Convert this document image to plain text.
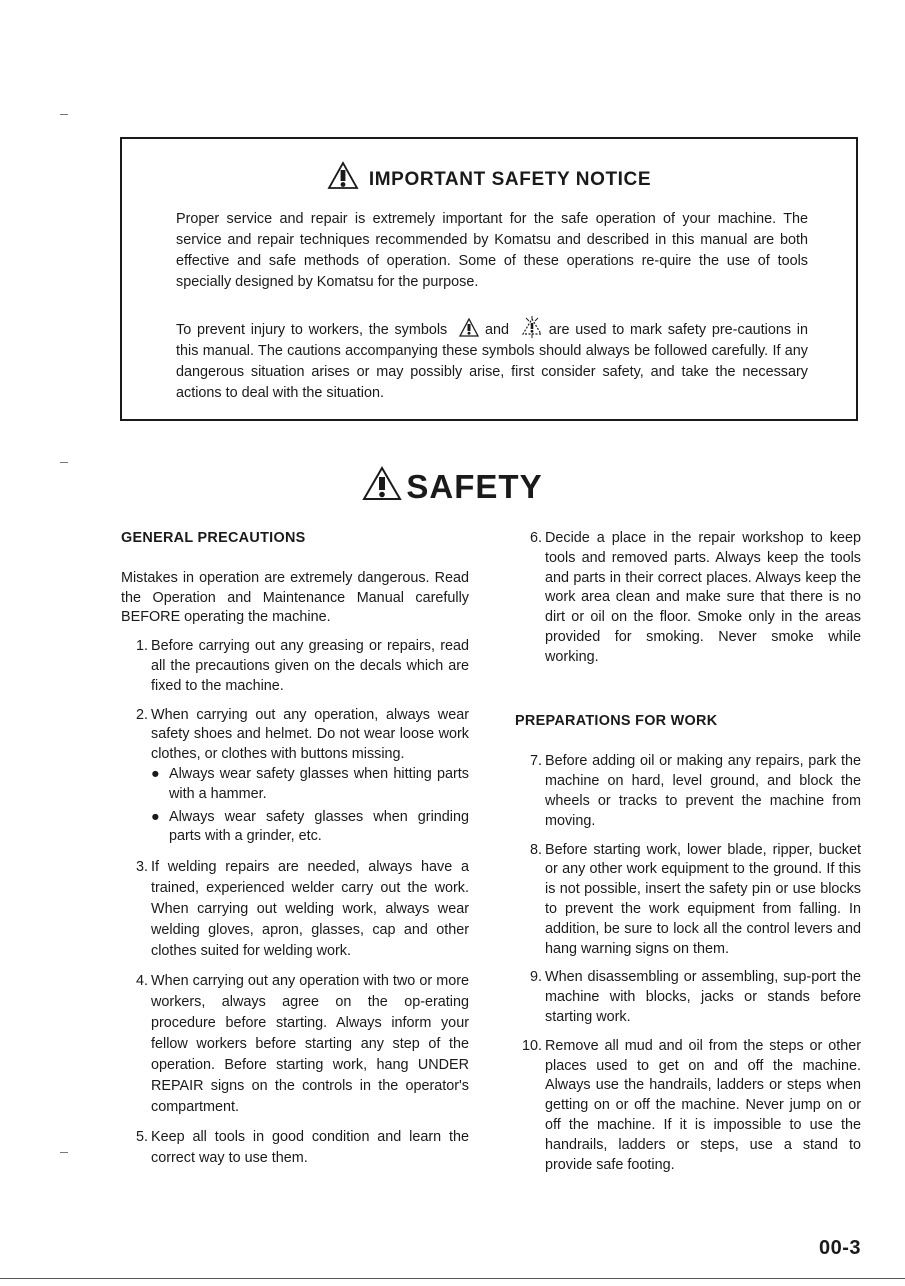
IMPORTANT SAFETY NOTICE

Proper service and repair is extremely important for the safe operation of your machine. The service and repair techniques recommended by Komatsu and described in this manual are both effective and safe methods of operation. Some of these operations re-quire the use of tools specially designed by Komatsu for the purpose.

To prevent injury to workers, the symbols	and	are used to mark safety pre-cautions in this manual. The cautions accompanying these symbols should always be followed carefully. If any dangerous situation arises or may possibly arise, first consider safety, and take the necessary actions to deal with the situation.

SAFETY
GENERAL PRECAUTIONS

Mistakes in operation are extremely dangerous. Read the Operation and Maintenance Manual carefully BEFORE operating the machine.

1. Before carrying out any greasing or repairs, read all the precautions given on the decals which are fixed to the machine.
2. When carrying out any operation, always wear safety shoes and helmet. Do not wear loose work clothes, or clothes with buttons missing.
● Always wear safety glasses when hitting parts with a hammer.
● Always wear safety glasses when grinding parts with a grinder, etc.
3. If welding repairs are needed, always have a trained, experienced welder carry out the work. When carrying out welding work, always wear welding gloves, apron, glasses, cap and other clothes suited for welding work.
4. When carrying out any operation with two or more workers, always agree on the op-erating procedure before starting. Always inform your fellow workers before starting any step of the operation. Before starting work, hang UNDER REPAIR signs on the controls in the operator's compartment.
5. Keep all tools in good condition and learn the correct way to use them.
6. Decide a place in the repair workshop to keep tools and removed parts. Always keep the tools and parts in their correct places. Always keep the work area clean and make sure that there is no dirt or oil on the floor. Smoke only in the areas provided for smoking. Never smoke while working.
PREPARATIONS FOR WORK
7. Before adding oil or making any repairs, park the machine on hard, level ground, and block the wheels or tracks to prevent the machine from moving.
8. Before starting work, lower blade, ripper, bucket or any other work equipment to the ground. If this is not possible, insert the safety pin or use blocks to prevent the work equipment from falling. In addition, be sure to lock all the control levers and hang warning signs on them.
9. When disassembling or assembling, sup-port the machine with blocks, jacks or stands before starting work.
10. Remove all mud and oil from the steps or other places used to get on and off the machine. Always use the handrails, ladders or steps when getting on or off the machine. Never jump on or off the machine. If it is impossible to use the handrails, ladders or steps, use a stand to provide safe footing.
00-3
